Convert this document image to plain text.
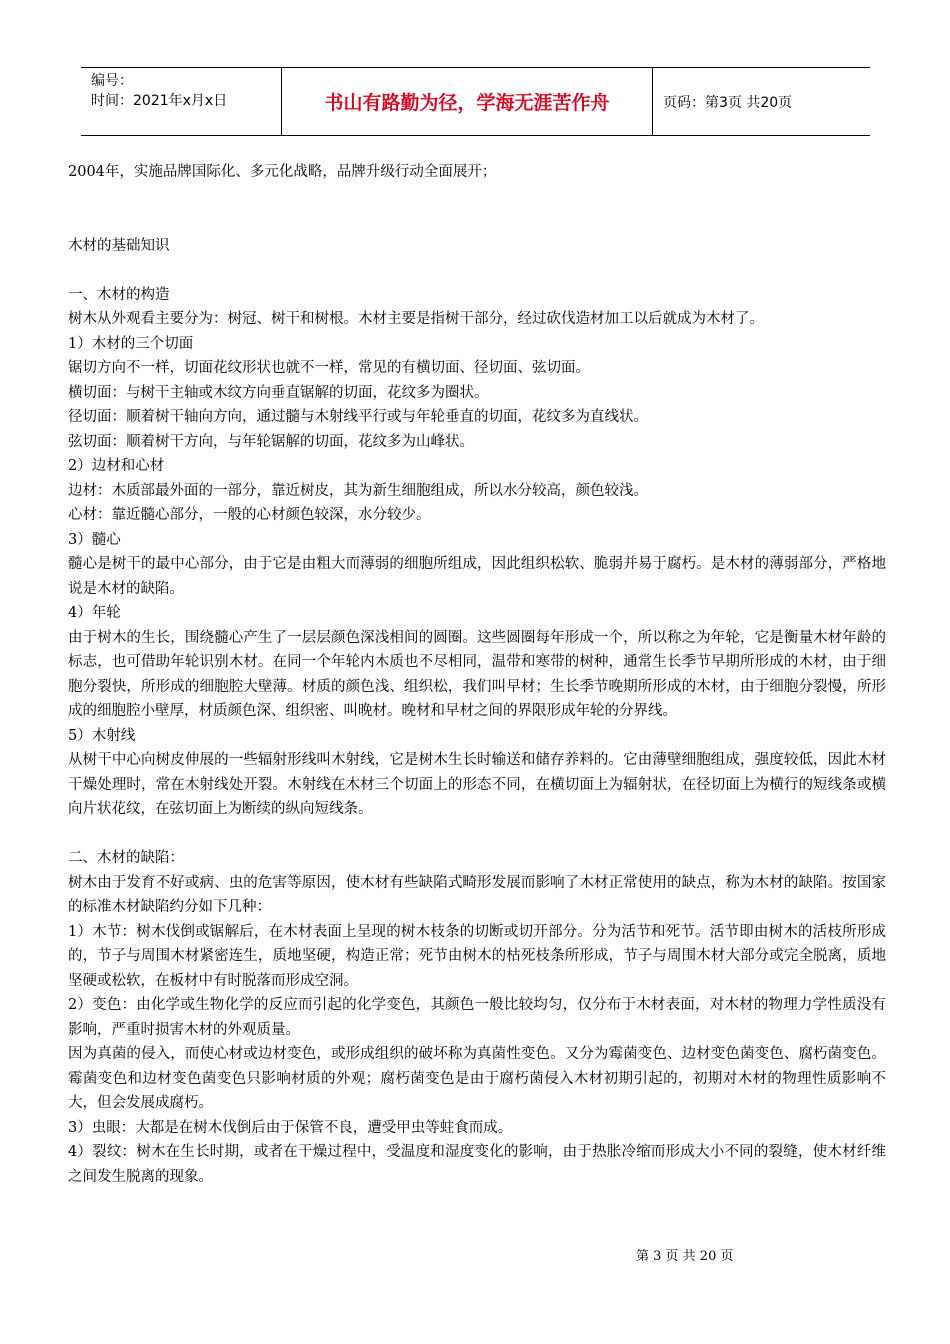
编号：
时间：2021年x月x日	书山有路勤为径，学海无涯苦作舟	页码：第3页 共20页

2004年，实施品牌国际化、多元化战略，品牌升级行动全面展开；

木材的基础知识

一、木材的构造

树木从外观看主要分为：树冠、树干和树根。木材主要是指树干部分，经过砍伐造材加工以后就成为木材了。

1）木材的三个切面

锯切方向不一样，切面花纹形状也就不一样，常见的有横切面、径切面、弦切面。

横切面：与树干主轴或木纹方向垂直锯解的切面，花纹多为圈状。

径切面：顺着树干轴向方向，通过髓与木射线平行或与年轮垂直的切面，花纹多为直线状。

弦切面：顺着树干方向，与年轮锯解的切面，花纹多为山峰状。

2）边材和心材

边材：木质部最外面的一部分，靠近树皮，其为新生细胞组成，所以水分较高，颜色较浅。

心材：靠近髓心部分，一般的心材颜色较深，水分较少。

3）髓心

髓心是树干的最中心部分，由于它是由粗大而薄弱的细胞所组成，因此组织松软、脆弱并易于腐朽。是木材的薄弱部分，严格地说是木材的缺陷。

4）年轮

由于树木的生长，围绕髓心产生了一层层颜色深浅相间的圆圈。这些圆圈每年形成一个，所以称之为年轮，它是衡量木材年龄的标志，也可借助年轮识别木材。在同一个年轮内木质也不尽相同，温带和寒带的树种，通常生长季节早期所形成的木材，由于细胞分裂快，所形成的细胞腔大壁薄。材质的颜色浅、组织松，我们叫早材；生长季节晚期所形成的木材，由于细胞分裂慢，所形成的细胞腔小壁厚，材质颜色深、组织密、叫晚材。晚材和早材之间的界限形成年轮的分界线。

5）木射线

从树干中心向树皮伸展的一些辐射形线叫木射线，它是树木生长时输送和储存养料的。它由薄壁细胞组成，强度较低，因此木材干燥处理时，常在木射线处开裂。木射线在木材三个切面上的形态不同，在横切面上为辐射状，在径切面上为横行的短线条或横向片状花纹，在弦切面上为断续的纵向短线条。

二、木材的缺陷：

树木由于发育不好或病、虫的危害等原因，使木材有些缺陷式畸形发展而影响了木材正常使用的缺点，称为木材的缺陷。按国家的标准木材缺陷约分如下几种：

1）木节：树木伐倒或锯解后，在木材表面上呈现的树木枝条的切断或切开部分。分为活节和死节。活节即由树木的活枝所形成的，节子与周围木材紧密连生，质地坚硬，构造正常；死节由树木的枯死枝条所形成，节子与周围木材大部分或完全脱离，质地坚硬或松软，在板材中有时脱落而形成空洞。

2）变色：由化学或生物化学的反应而引起的化学变色，其颜色一般比较均匀，仅分布于木材表面，对木材的物理力学性质没有影响，严重时损害木材的外观质量。

因为真菌的侵入，而使心材或边材变色，或形成组织的破坏称为真菌性变色。又分为霉菌变色、边材变色菌变色、腐朽菌变色。霉菌变色和边材变色菌变色只影响材质的外观；腐朽菌变色是由于腐朽菌侵入木材初期引起的，初期对木材的物理性质影响不大，但会发展成腐朽。

3）虫眼：大都是在树木伐倒后由于保管不良，遭受甲虫等蛀食而成。

4）裂纹：树木在生长时期，或者在干燥过程中，受温度和湿度变化的影响，由于热胀冷缩而形成大小不同的裂缝，使木材纤维之间发生脱离的现象。

第 3 页 共 20 页
